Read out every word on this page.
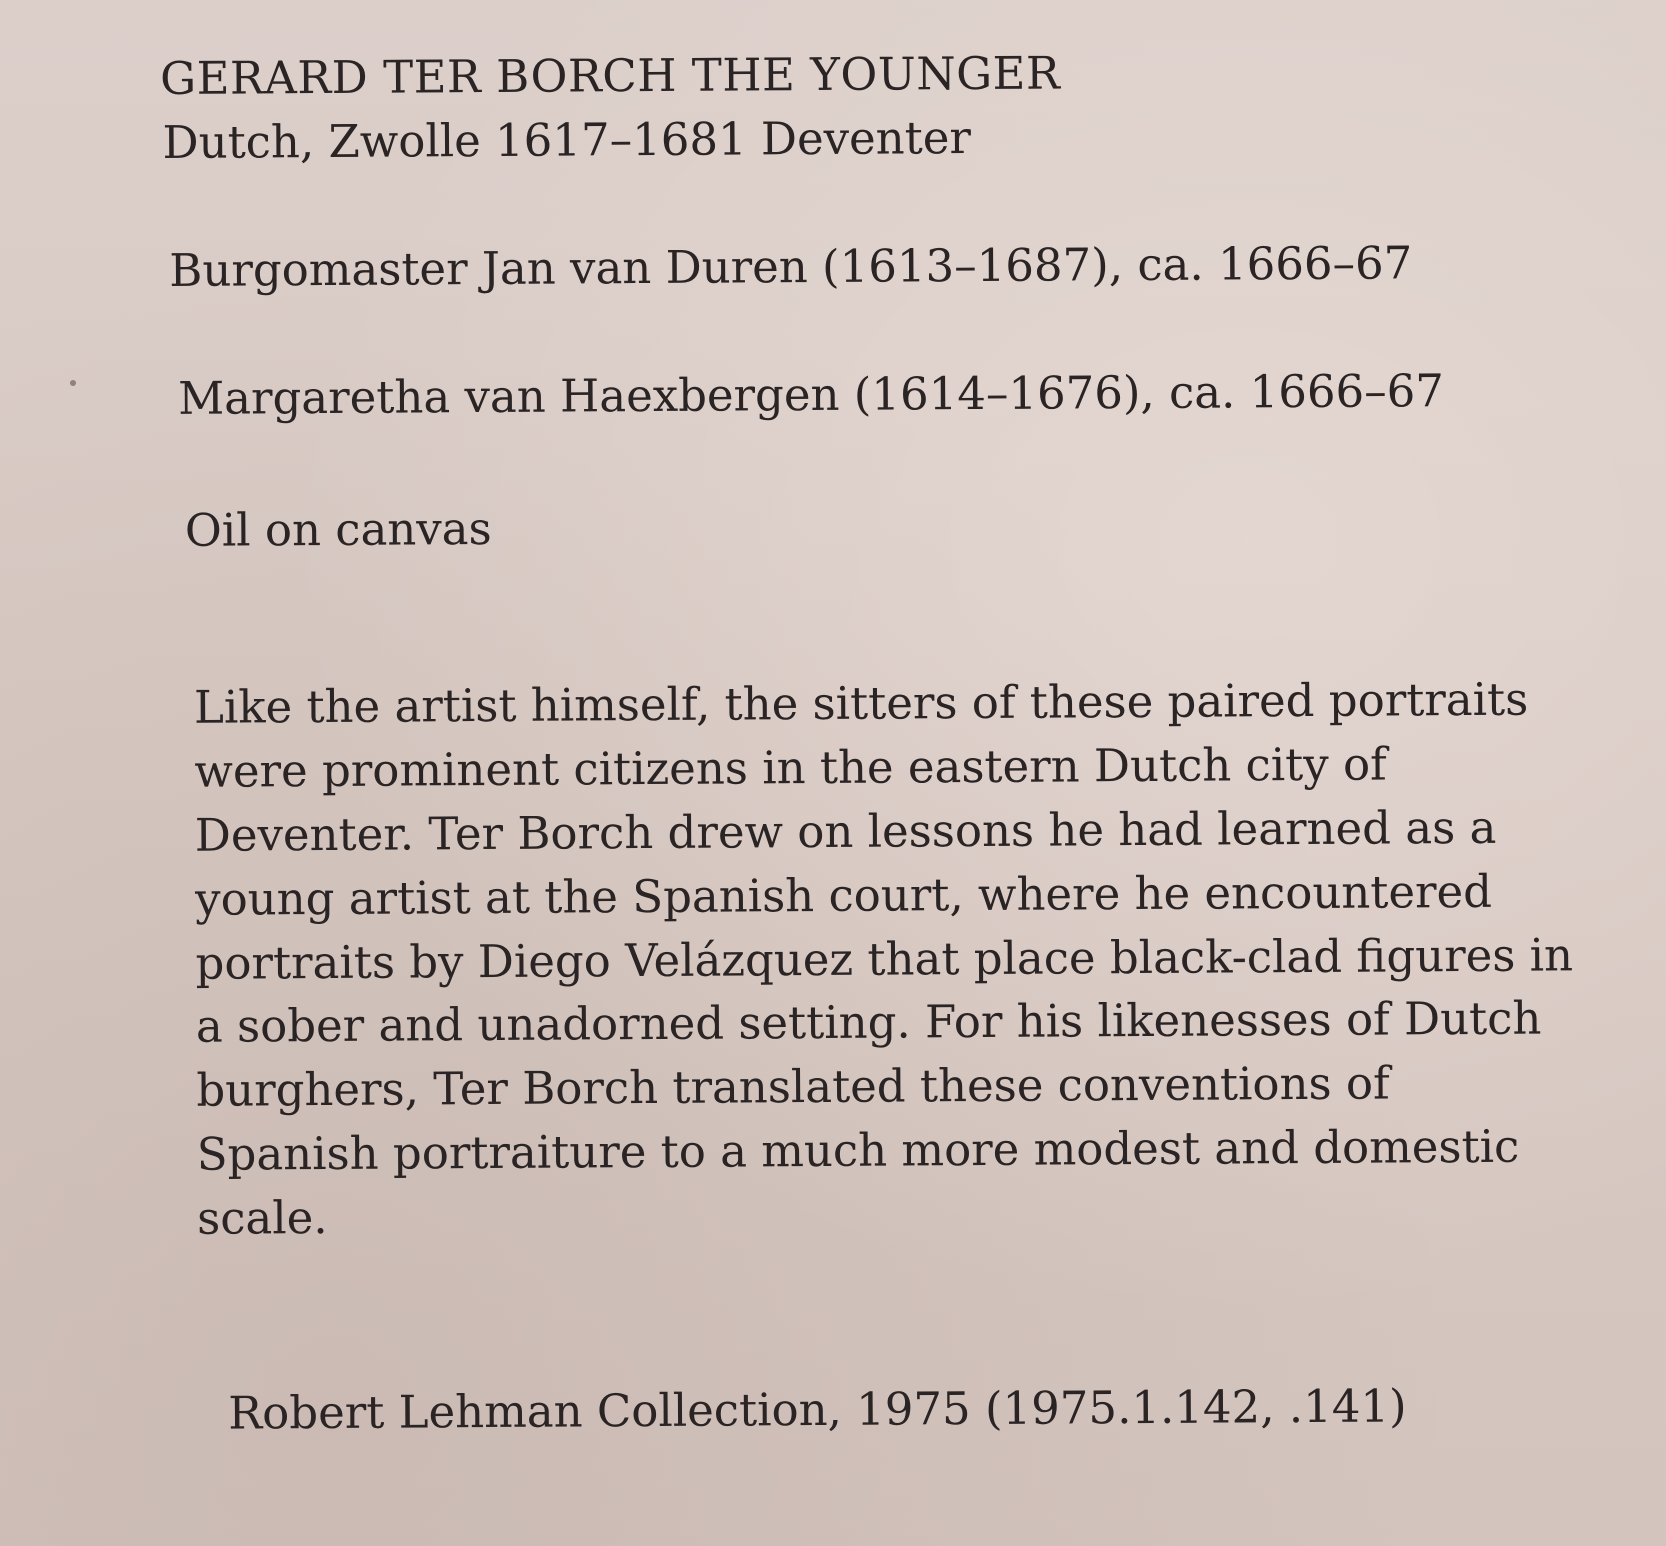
GERARD TER BORCH THE YOUNGER

Dutch, Zwolle 1617–1681 Deventer

Burgomaster Jan van Duren (1613–1687), ca. 1666–67

Margaretha van Haexbergen (1614–1676), ca. 1666–67

Oil on canvas

Like the artist himself, the sitters of these paired portraits were prominent citizens in the eastern Dutch city of Deventer. Ter Borch drew on lessons he had learned as a young artist at the Spanish court, where he encountered portraits by Diego Velázquez that place black-clad figures in a sober and unadorned setting. For his likenesses of Dutch burghers, Ter Borch translated these conventions of Spanish portraiture to a much more modest and domestic scale.

Robert Lehman Collection, 1975 (1975.1.142, .141)
